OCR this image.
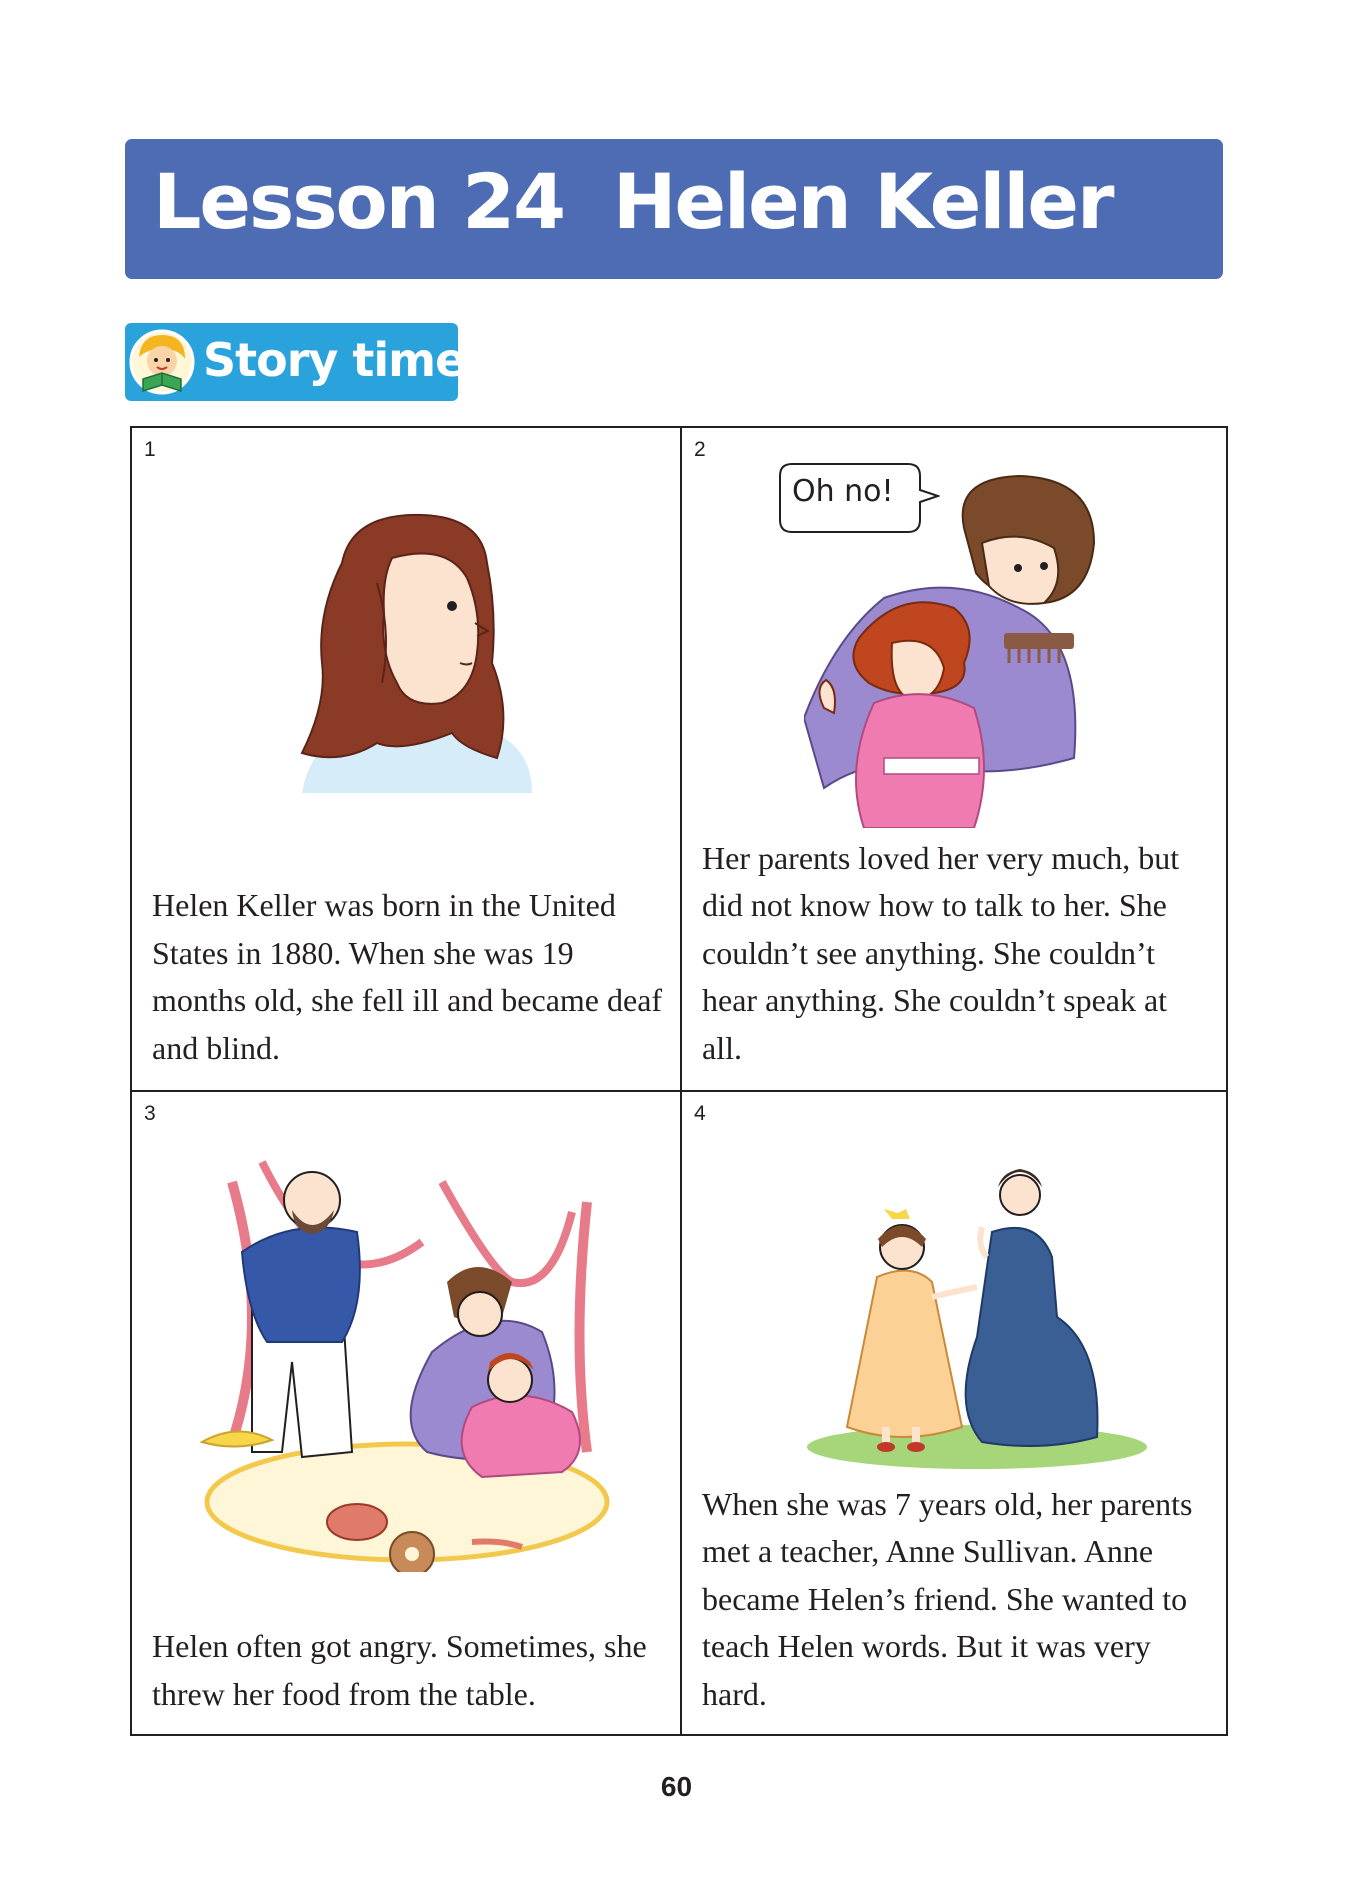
Lesson 24 Helen Keller
Story time
1
Helen Keller was born in the United States in 1880. When she was 19 months old, she fell ill and became deaf and blind.
2
Oh no!
Her parents loved her very much, but did not know how to talk to her. She couldn’t see anything. She couldn’t hear anything. She couldn’t speak at all.
3
Helen often got angry. Sometimes, she threw her food from the table.
4
When she was 7 years old, her parents met a teacher, Anne Sullivan. Anne became Helen’s friend. She wanted to teach Helen words. But it was very hard.
60
